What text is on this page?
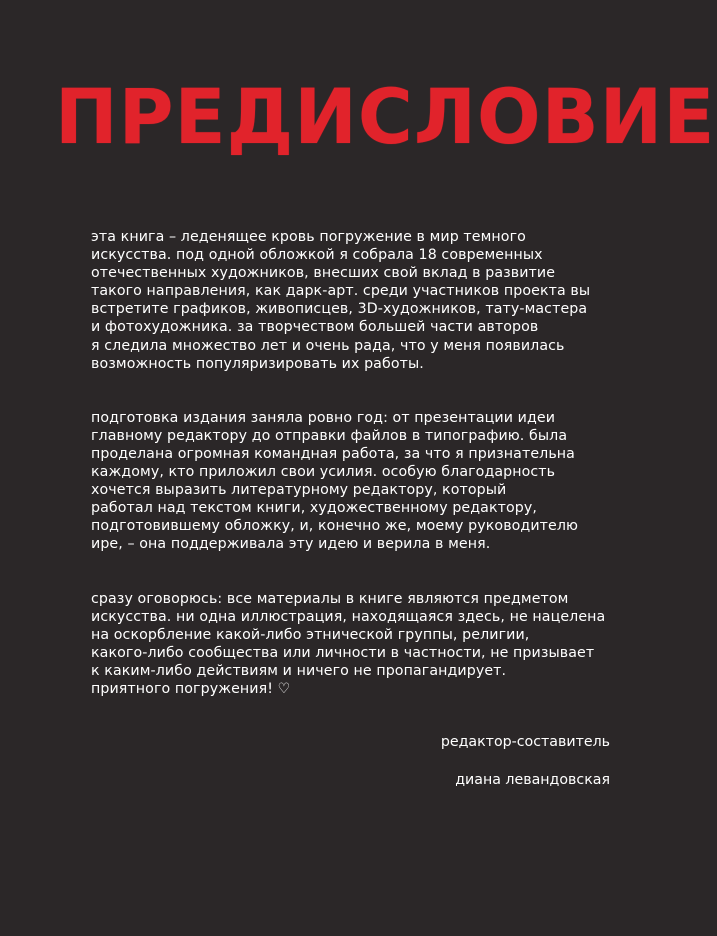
ПРЕДИСЛОВИЕ

эта книга – леденящее кровь погружение в мир темного
искусства. под одной обложкой я собрала 18 современных
отечественных художников, внесших свой вклад в развитие
такого направления, как дарк-арт. среди участников проекта вы
встретите графиков, живописцев, 3D-художников, тату-мастера
и фотохудожника. за творчеством большей части авторов
я следила множество лет и очень рада, что у меня появилась
возможность популяризировать их работы.

подготовка издания заняла ровно год: от презентации идеи
главному редактору до отправки файлов в типографию. была
проделана огромная командная работа, за что я признательна
каждому, кто приложил свои усилия. особую благодарность
хочется выразить литературному редактору, который
работал над текстом книги, художественному редактору,
подготовившему обложку, и, конечно же, моему руководителю
ире, – она поддерживала эту идею и верила в меня.

сразу оговорюсь: все материалы в книге являются предметом
искусства. ни одна иллюстрация, находящаяся здесь, не нацелена
на оскорбление какой-либо этнической группы, религии,
какого-либо сообщества или личности в частности, не призывает
к каким-либо действиям и ничего не пропагандирует.
приятного погружения! ♡

редактор-составитель

диана левандовская
